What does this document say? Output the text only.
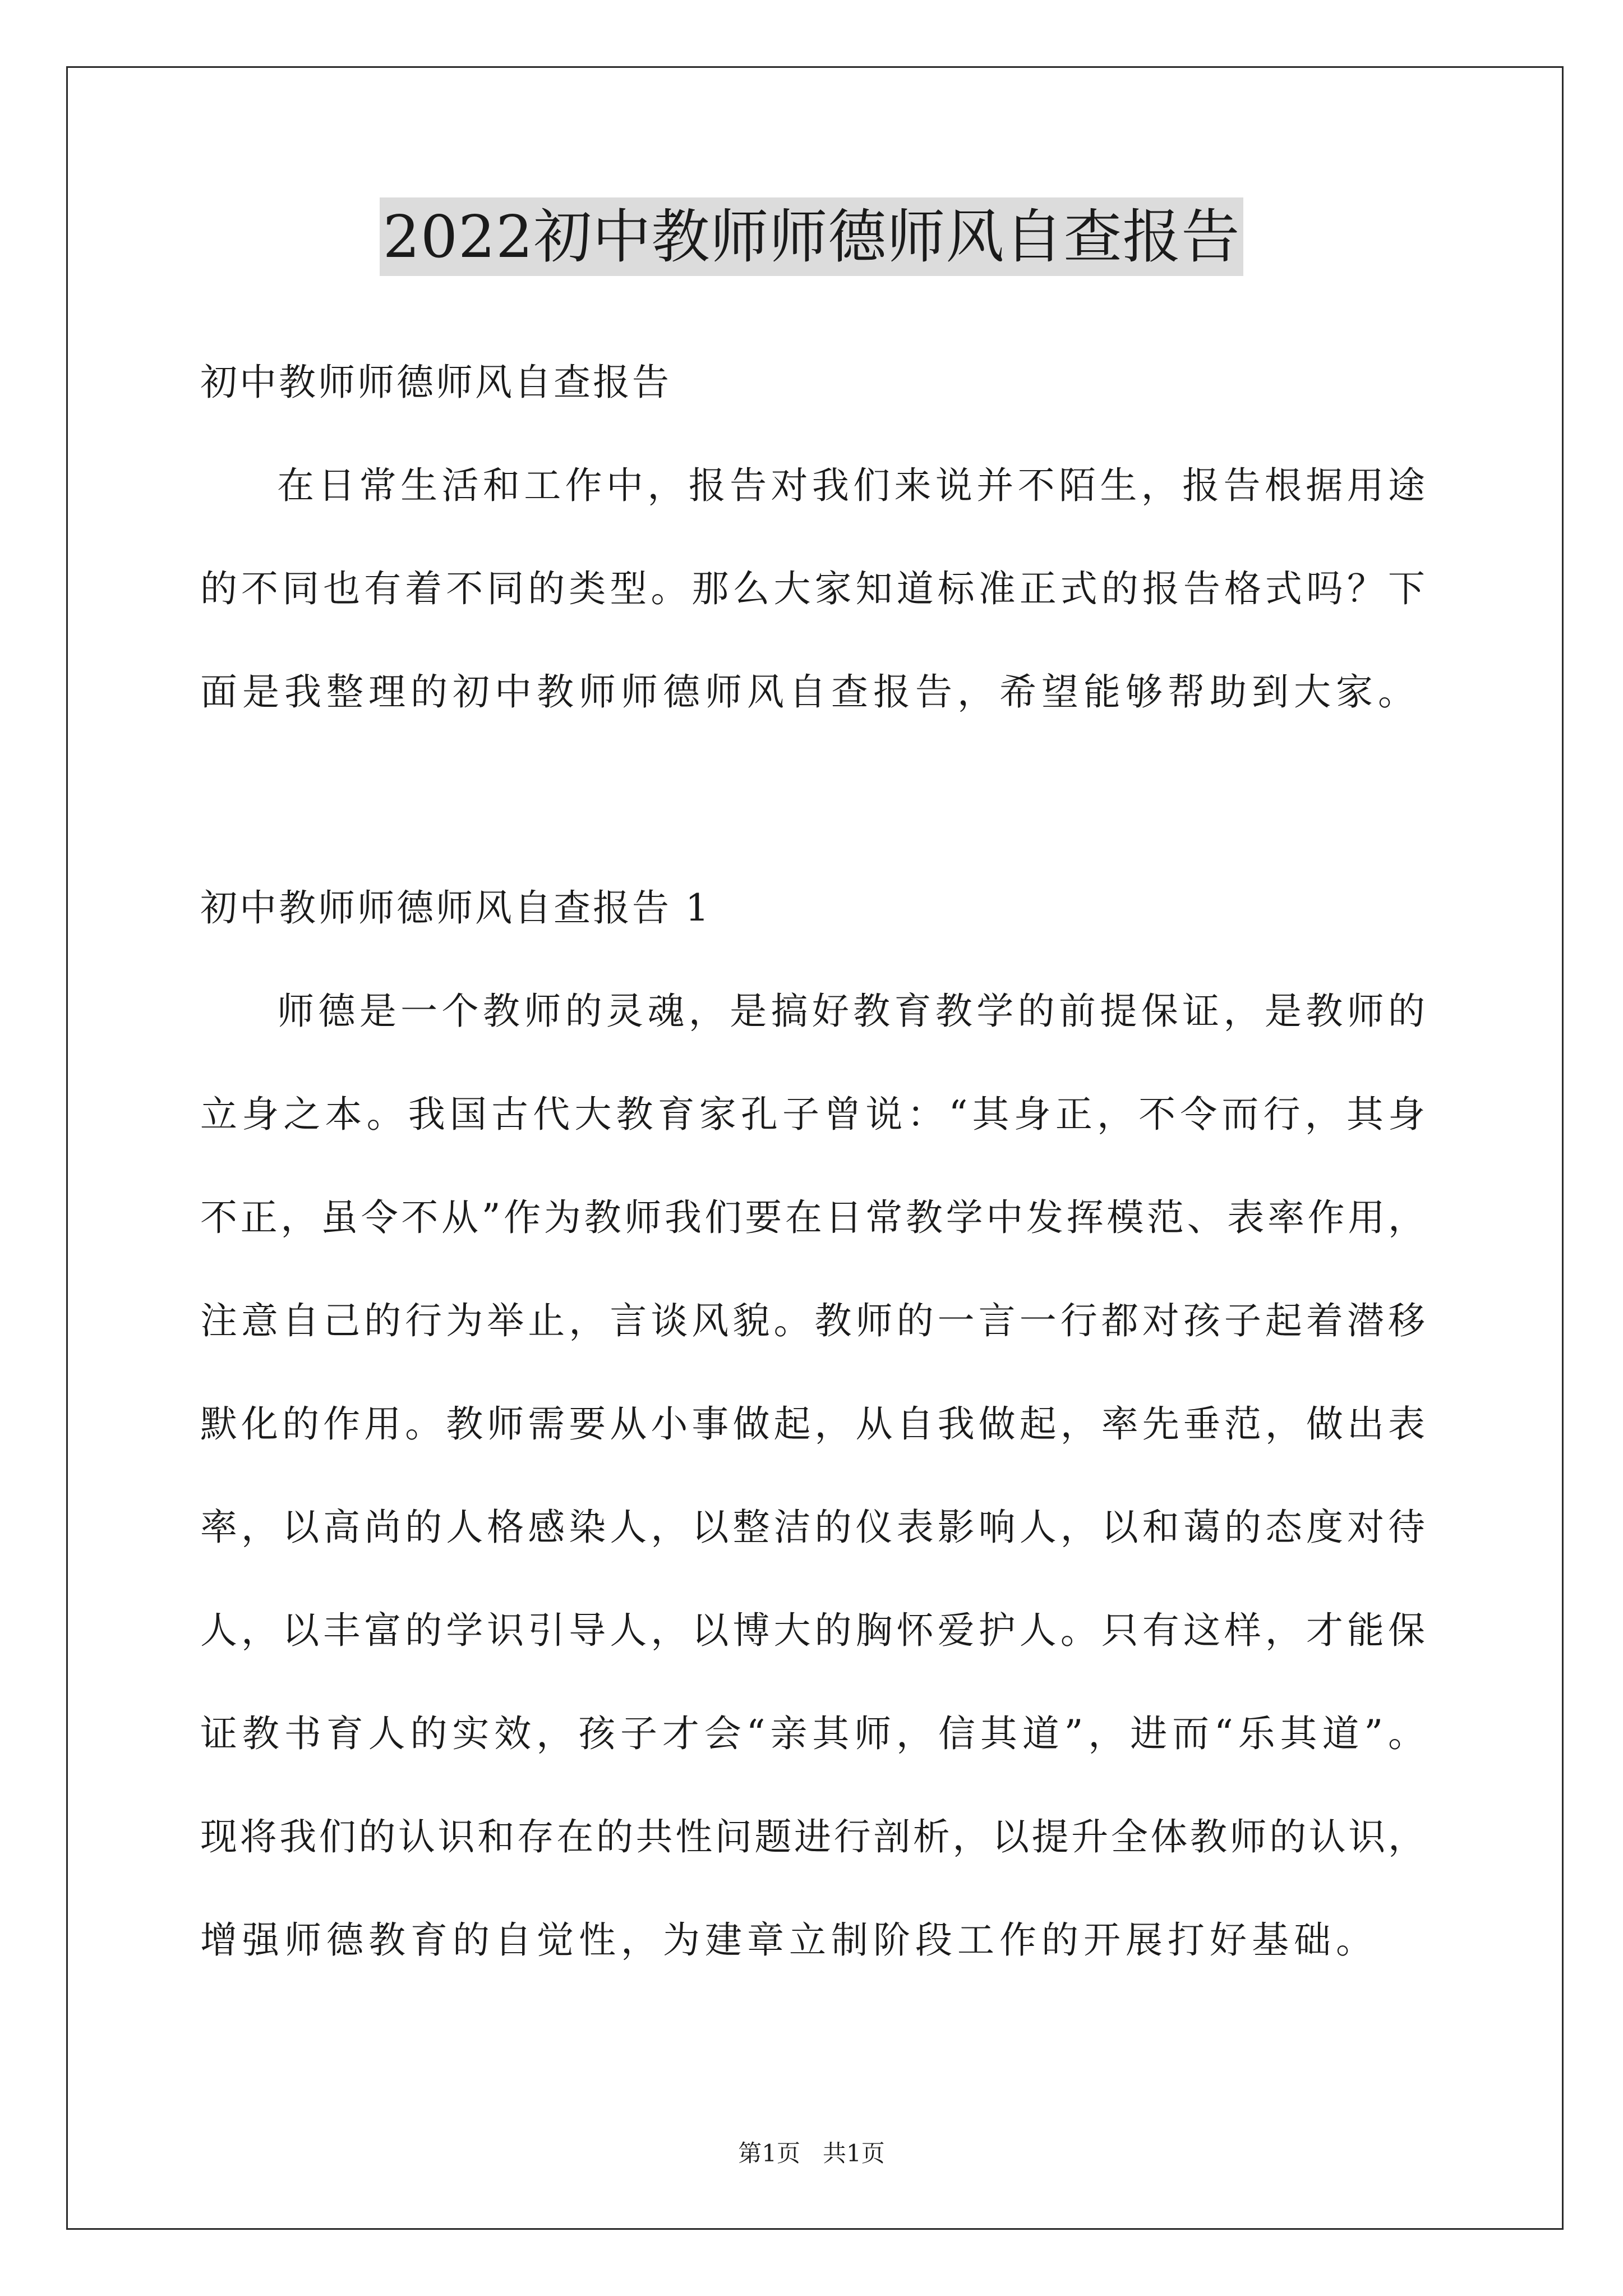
2022初中教师师德师风自查报告
初中教师师德师风自查报告
在日常生活和工作中，报告对我们来说并不陌生，报告根据用途
的不同也有着不同的类型。那么大家知道标准正式的报告格式吗？下
面是我整理的初中教师师德师风自查报告，希望能够帮助到大家。
初中教师师德师风自查报告 1
师德是一个教师的灵魂，是搞好教育教学的前提保证，是教师的
立身之本。我国古代大教育家孔子曾说：“其身正，不令而行，其身
不正，虽令不从”作为教师我们要在日常教学中发挥模范、表率作用，
注意自己的行为举止，言谈风貌。教师的一言一行都对孩子起着潜移
默化的作用。教师需要从小事做起，从自我做起，率先垂范，做出表
率，以高尚的人格感染人，以整洁的仪表影响人，以和蔼的态度对待
人，以丰富的学识引导人，以博大的胸怀爱护人。只有这样，才能保
证教书育人的实效，孩子才会“亲其师，信其道”，进而“乐其道”。
现将我们的认识和存在的共性问题进行剖析，以提升全体教师的认识，
增强师德教育的自觉性，为建章立制阶段工作的开展打好基础。
第1页   共1页
